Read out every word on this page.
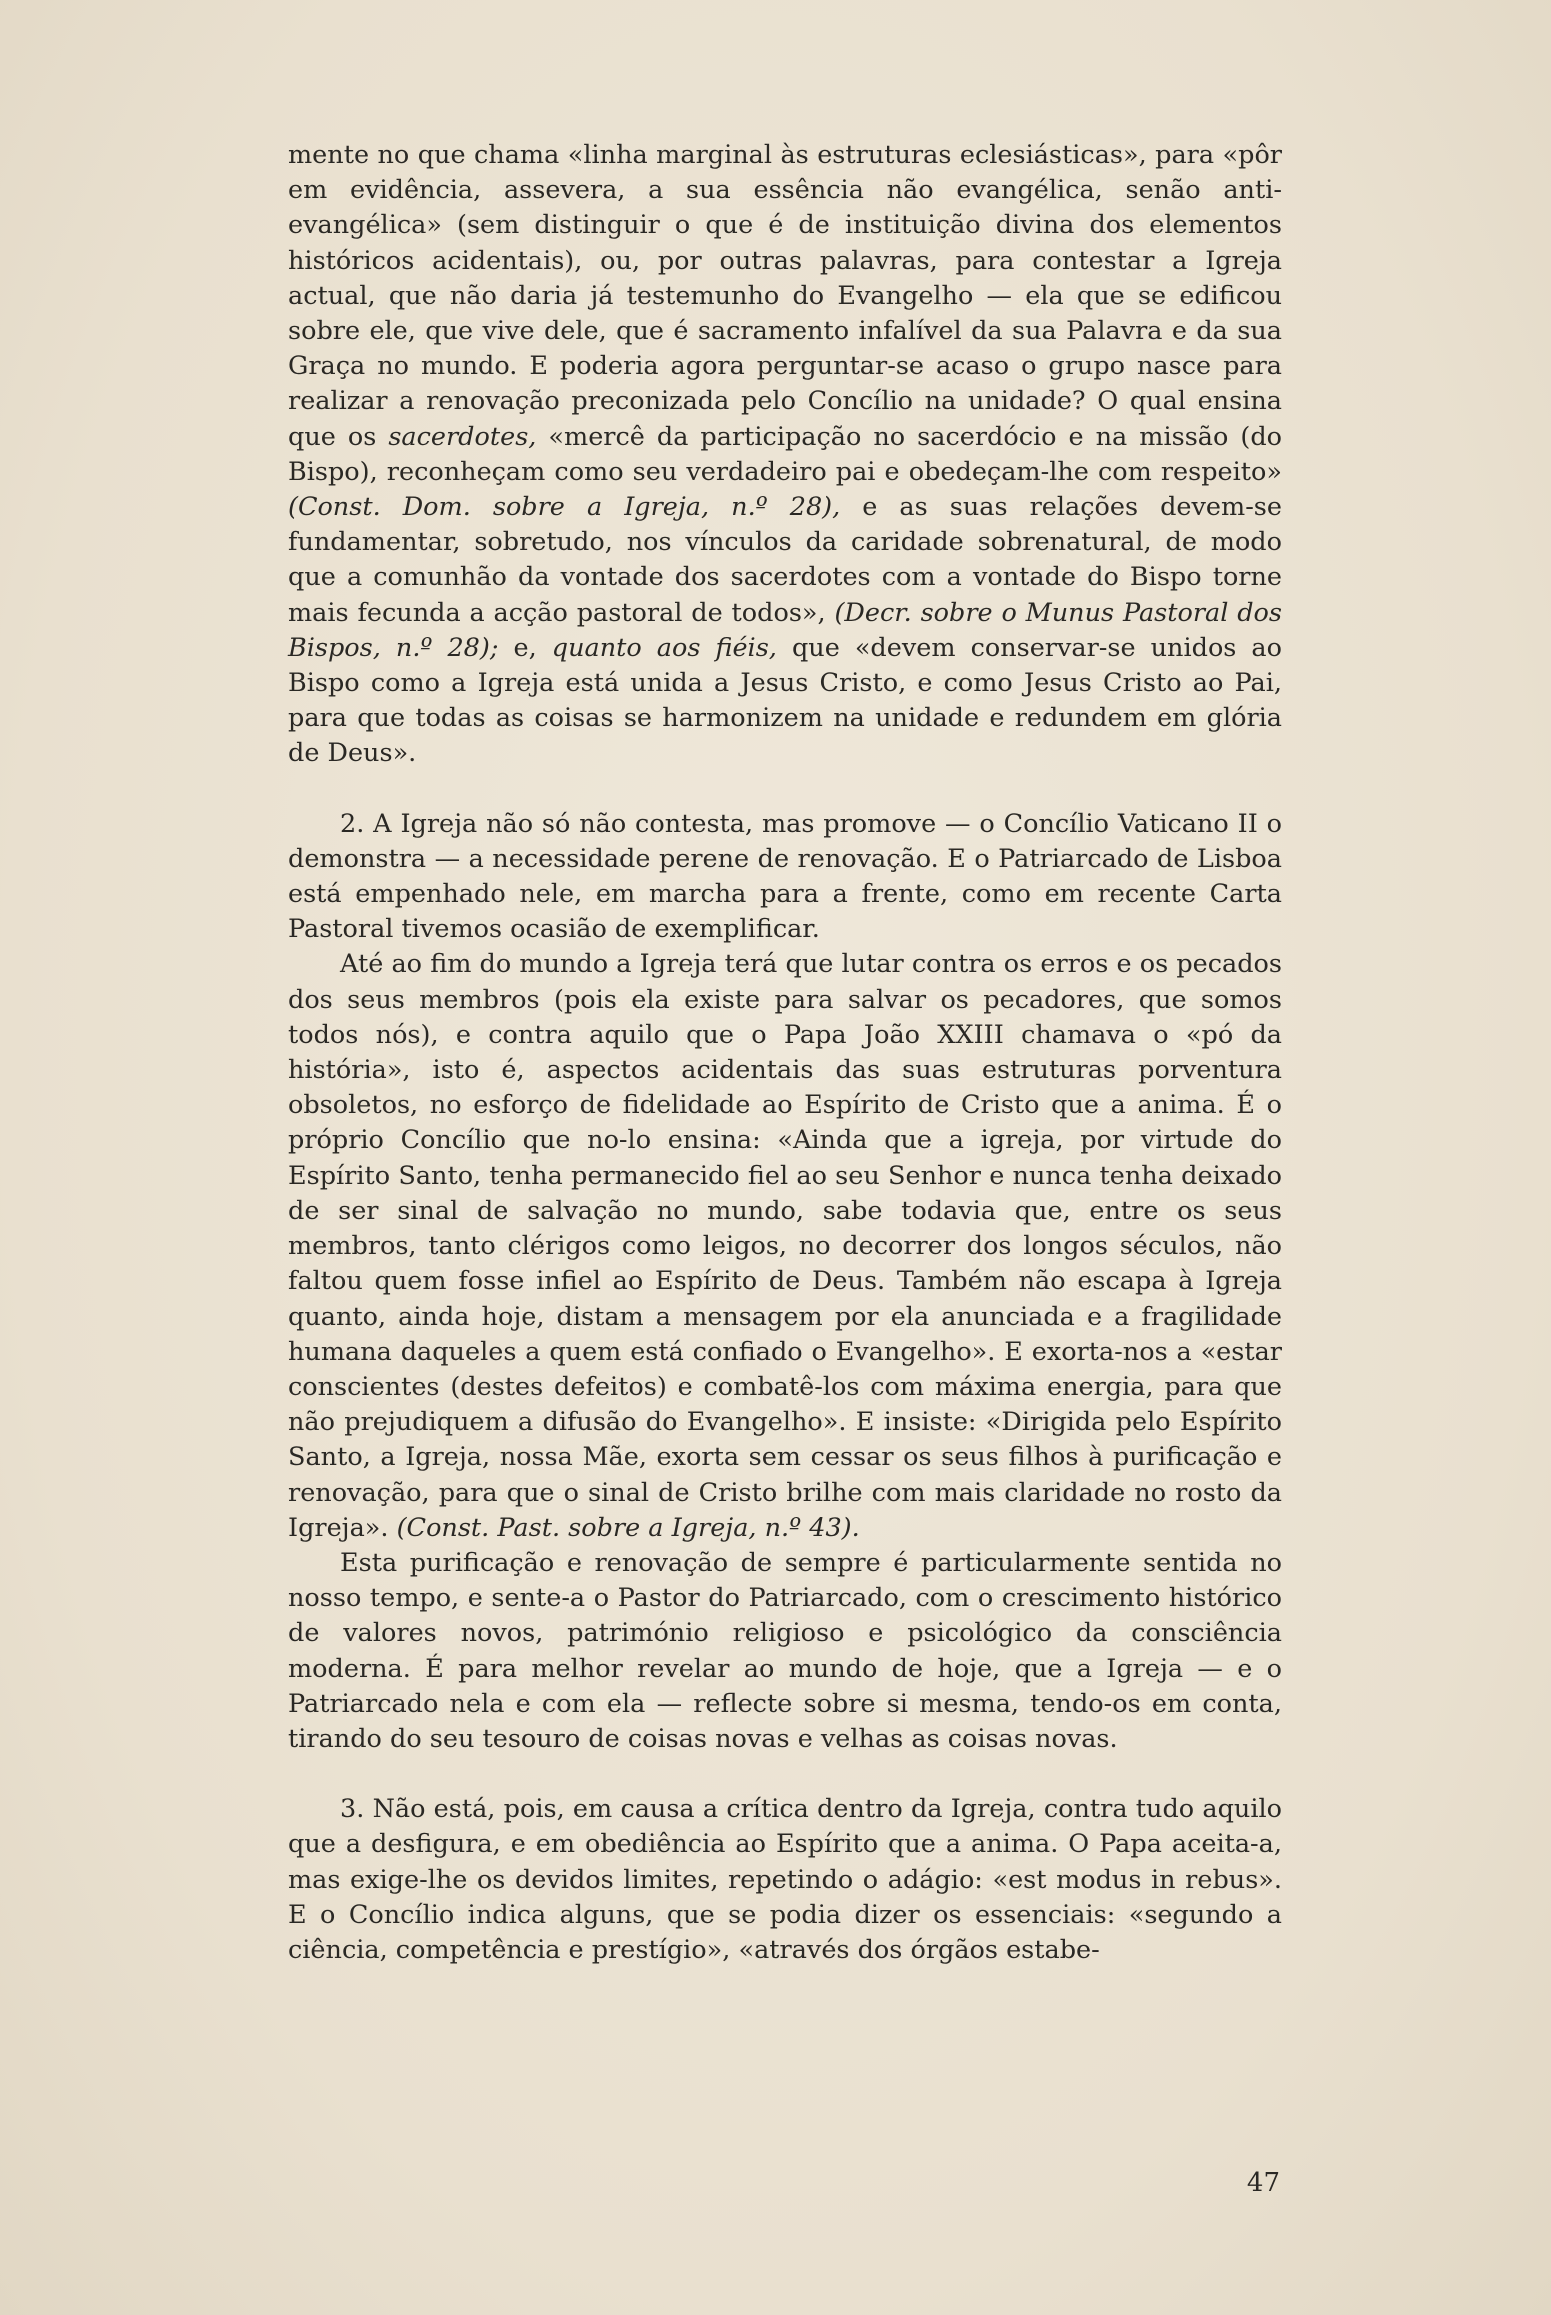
mente no que chama «linha marginal às estruturas eclesiásticas», para «pôr em evidência, assevera, a sua essência não evangélica, senão anti-evangélica» (sem distinguir o que é de instituição divina dos elementos históricos acidentais), ou, por outras palavras, para contestar a Igreja actual, que não daria já testemunho do Evangelho — ela que se edificou sobre ele, que vive dele, que é sacramento infalível da sua Palavra e da sua Graça no mundo. E poderia agora perguntar-se acaso o grupo nasce para realizar a renovação preconizada pelo Concílio na unidade? O qual ensina que os sacerdotes, «mercê da participação no sacerdócio e na missão (do Bispo), reconheçam como seu verdadeiro pai e obedeçam-lhe com respeito» (Const. Dom. sobre a Igreja, n.º 28), e as suas relações devem-se fundamentar, sobretudo, nos vínculos da caridade sobrenatural, de modo que a comunhão da vontade dos sacerdotes com a vontade do Bispo torne mais fecunda a acção pastoral de todos», (Decr. sobre o Munus Pastoral dos Bispos, n.º 28); e, quanto aos fiéis, que «devem conservar-se unidos ao Bispo como a Igreja está unida a Jesus Cristo, e como Jesus Cristo ao Pai, para que todas as coisas se harmonizem na unidade e redundem em glória de Deus».

2. A Igreja não só não contesta, mas promove — o Concílio Vaticano II o demonstra — a necessidade perene de renovação. E o Patriarcado de Lisboa está empenhado nele, em marcha para a frente, como em recente Carta Pastoral tivemos ocasião de exemplificar.

Até ao fim do mundo a Igreja terá que lutar contra os erros e os pecados dos seus membros (pois ela existe para salvar os pecadores, que somos todos nós), e contra aquilo que o Papa João XXIII chamava o «pó da história», isto é, aspectos acidentais das suas estruturas porventura obsoletos, no esforço de fidelidade ao Espírito de Cristo que a anima. É o próprio Concílio que no-lo ensina: «Ainda que a igreja, por virtude do Espírito Santo, tenha permanecido fiel ao seu Senhor e nunca tenha deixado de ser sinal de salvação no mundo, sabe todavia que, entre os seus membros, tanto clérigos como leigos, no decorrer dos longos séculos, não faltou quem fosse infiel ao Espírito de Deus. Também não escapa à Igreja quanto, ainda hoje, distam a mensagem por ela anunciada e a fragilidade humana daqueles a quem está confiado o Evangelho». E exorta-nos a «estar conscientes (destes defeitos) e combatê-los com máxima energia, para que não prejudiquem a difusão do Evangelho». E insiste: «Dirigida pelo Espírito Santo, a Igreja, nossa Mãe, exorta sem cessar os seus filhos à purificação e renovação, para que o sinal de Cristo brilhe com mais claridade no rosto da Igreja». (Const. Past. sobre a Igreja, n.º 43).

Esta purificação e renovação de sempre é particularmente sentida no nosso tempo, e sente-a o Pastor do Patriarcado, com o crescimento histórico de valores novos, património religioso e psicológico da consciência moderna. É para melhor revelar ao mundo de hoje, que a Igreja — e o Patriarcado nela e com ela — reflecte sobre si mesma, tendo-os em conta, tirando do seu tesouro de coisas novas e velhas as coisas novas.

3. Não está, pois, em causa a crítica dentro da Igreja, contra tudo aquilo que a desfigura, e em obediência ao Espírito que a anima. O Papa aceita-a, mas exige-lhe os devidos limites, repetindo o adágio: «est modus in rebus». E o Concílio indica alguns, que se podia dizer os essenciais: «segundo a ciência, competência e prestígio», «através dos órgãos estabe-

47
